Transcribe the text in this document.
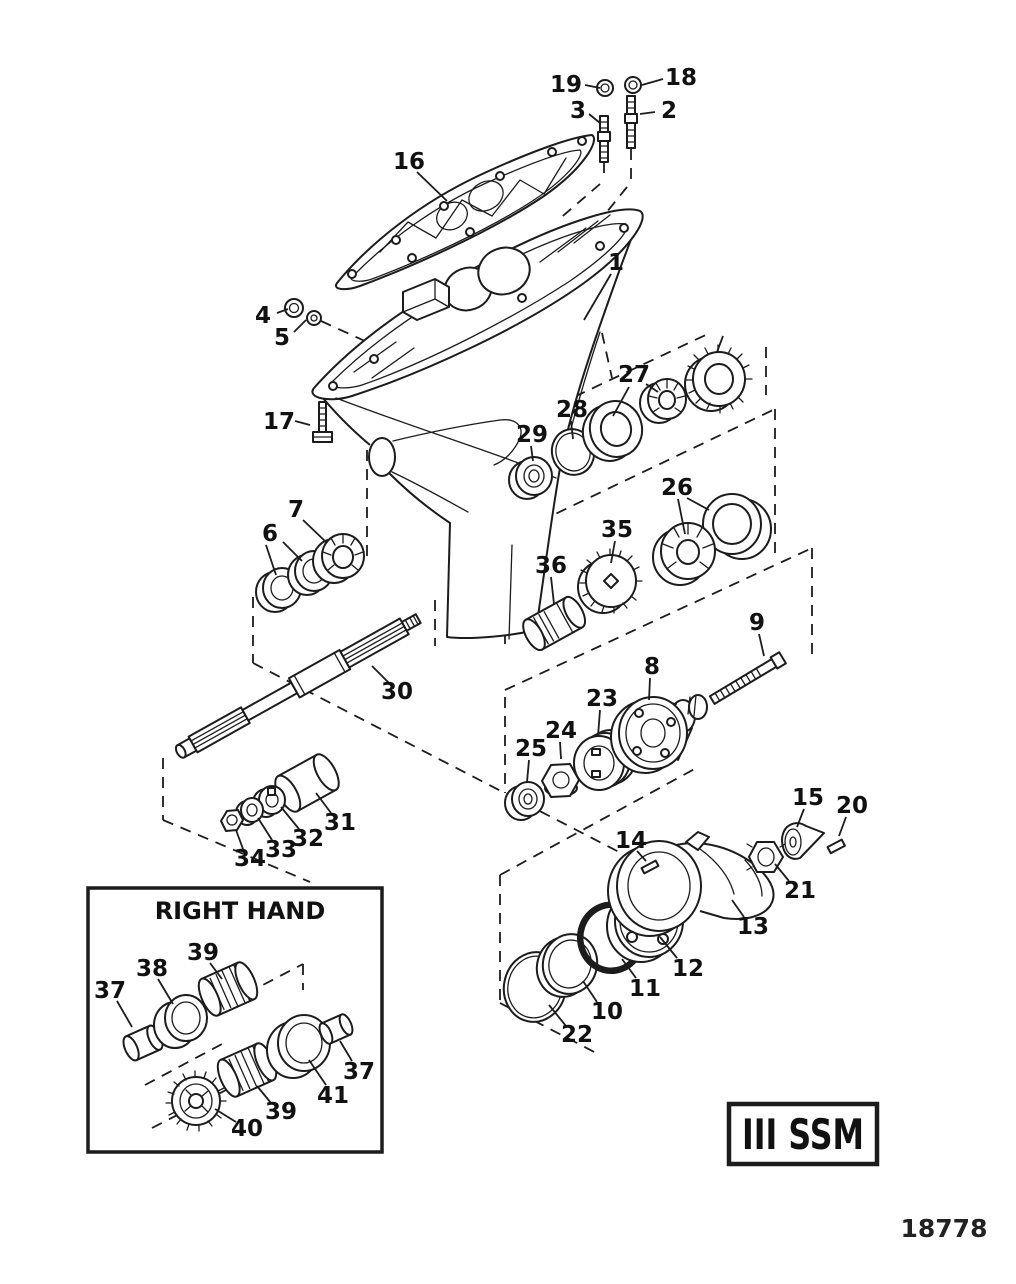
RIGHT HAND
III SSM
18778
19	18
3	2
16
1
4
5
17
27
28
29
26
35
36
9
8
23
24
25
7
6
30
31
32
33
34
14
15 20
21
13
12
11
10
22
37
38
39
40
39
41
37
